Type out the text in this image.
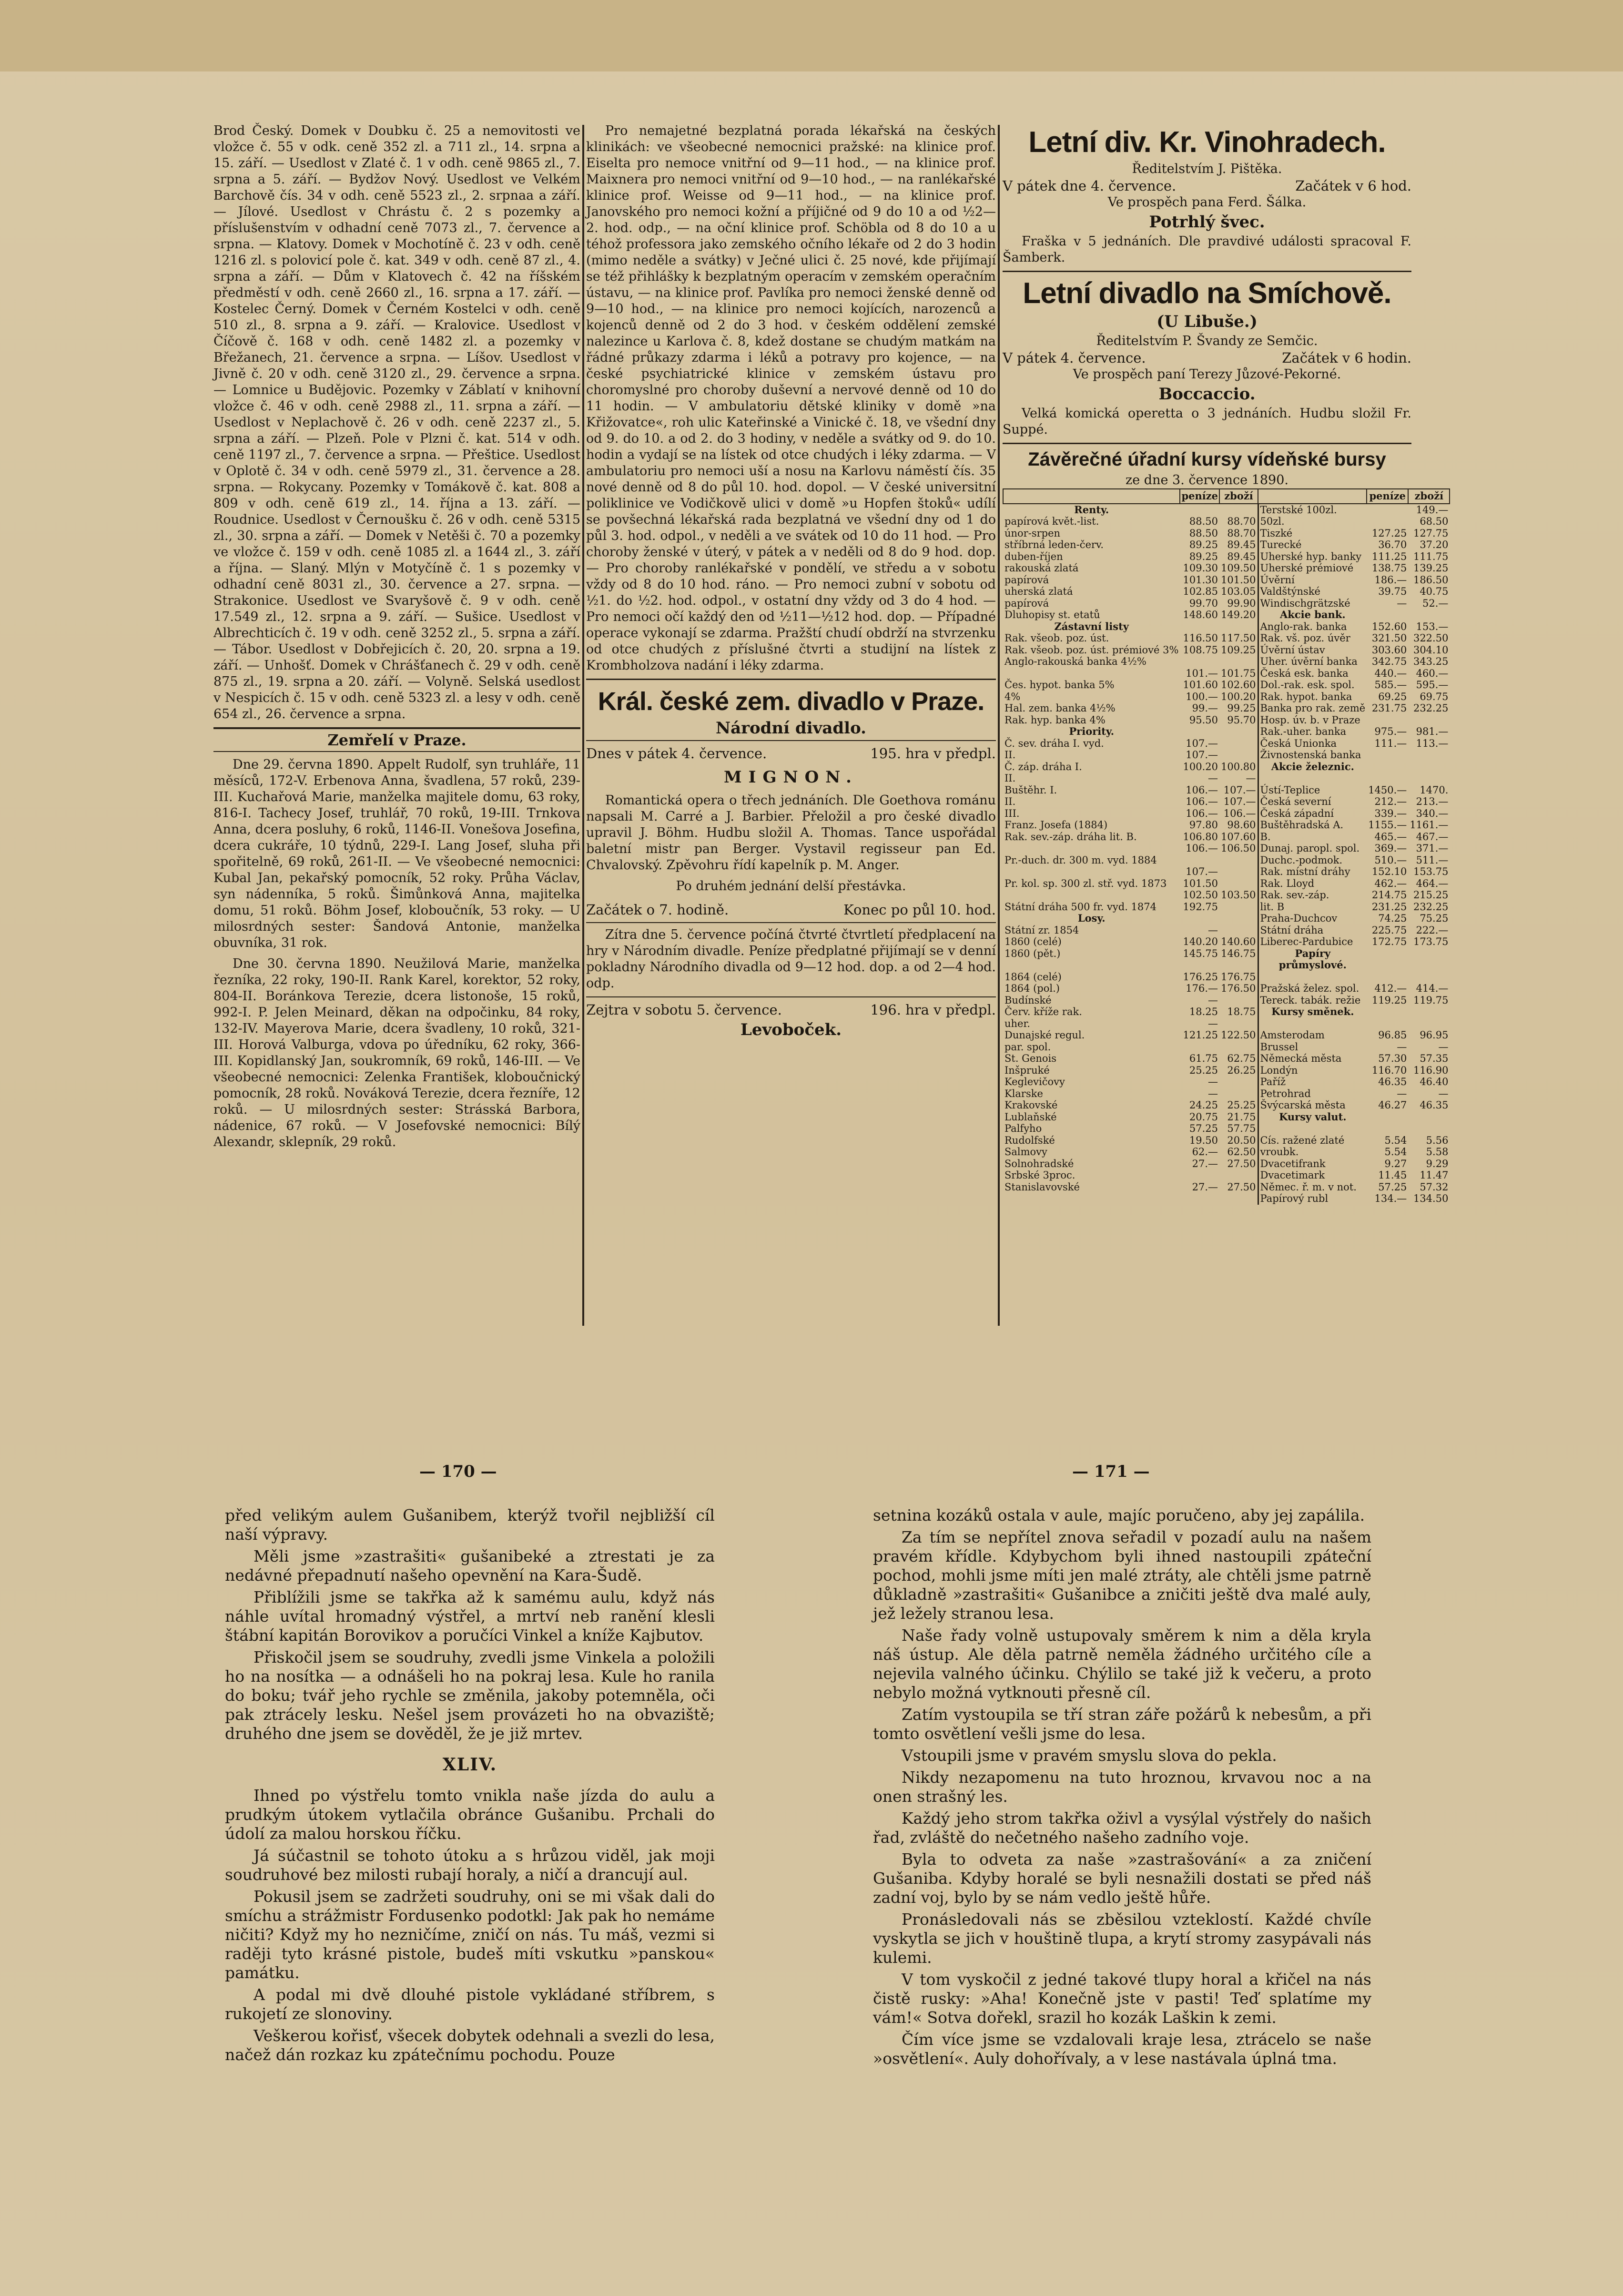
Brod Český. Domek v Doubku č. 25 a nemovitosti ve vložce č. 55 v odk. ceně 352 zl. a 711 zl., 14. srpna a 15. září. — Usedlost v Zlaté č. 1 v odh. ceně 9865 zl., 7. srpna a 5. září. — Bydžov Nový. Usedlost ve Velkém Barchově čís. 34 v odh. ceně 5523 zl., 2. srpnaa a září. — Jílové. Usedlost v Chrástu č. 2 s pozemky a příslušenstvím v odhadní ceně 7073 zl., 7. července a srpna. — Klatovy. Domek v Mochotíně č. 23 v odh. ceně 1216 zl. s polovicí pole č. kat. 349 v odh. ceně 87 zl., 4. srpna a září. — Dům v Klatovech č. 42 na říšském předměstí v odh. ceně 2660 zl., 16. srpna a 17. září. — Kostelec Černý. Domek v Černém Kostelci v odh. ceně 510 zl., 8. srpna a 9. září. — Kralovice. Usedlost v Číčově č. 168 v odh. ceně 1482 zl. a pozemky v Břežanech, 21. července a srpna. — Líšov. Usedlost v Jivně č. 20 v odh. ceně 3120 zl., 29. července a srpna. — Lomnice u Budějovic. Pozemky v Záblatí v knihovní vložce č. 46 v odh. ceně 2988 zl., 11. srpna a září. — Usedlost v Neplachově č. 26 v odh. ceně 2237 zl., 5. srpna a září. — Plzeň. Pole v Plzni č. kat. 514 v odh. ceně 1197 zl., 7. července a srpna. — Přeštice. Usedlost v Oplotě č. 34 v odh. ceně 5979 zl., 31. července a 28. srpna. — Rokycany. Pozemky v Tomákově č. kat. 808 a 809 v odh. ceně 619 zl., 14. října a 13. září. — Roudnice. Usedlost v Černoušku č. 26 v odh. ceně 5315 zl., 30. srpna a září. — Domek v Netěši č. 70 a pozemky ve vložce č. 159 v odh. ceně 1085 zl. a 1644 zl., 3. září a října. — Slaný. Mlýn v Motyčíně č. 1 s pozemky v odhadní ceně 8031 zl., 30. července a 27. srpna. — Strakonice. Usedlost ve Svaryšově č. 9 v odh. ceně 17.549 zl., 12. srpna a 9. září. — Sušice. Usedlost v Albrechticích č. 19 v odh. ceně 3252 zl., 5. srpna a září. — Tábor. Usedlost v Dobřejicích č. 20, 20. srpna a 19. září. — Unhošť. Domek v Chrášťanech č. 29 v odh. ceně 875 zl., 19. srpna a 20. září. — Volyně. Selská usedlost v Nespicích č. 15 v odh. ceně 5323 zl. a lesy v odh. ceně 654 zl., 26. července a srpna.

Zemřelí v Praze.

Dne 29. června 1890. Appelt Rudolf, syn truhláře, 11 měsíců, 172-V. Erbenova Anna, švadlena, 57 roků, 239-III. Kuchařová Marie, manželka majitele domu, 63 roky, 816-I. Tachecy Josef, truhlář, 70 roků, 19-III. Trnkova Anna, dcera posluhy, 6 roků, 1146-II. Vonešova Josefina, dcera cukráře, 10 týdnů, 229-I. Lang Josef, sluha při spořitelně, 69 roků, 261-II. — Ve všeobecné nemocnici: Kubal Jan, pekařský pomocník, 52 roky. Průha Václav, syn nádenníka, 5 roků. Šimůnková Anna, majitelka domu, 51 roků. Böhm Josef, kloboučník, 53 roky. — U milosrdných sester: Šandová Antonie, manželka obuvníka, 31 rok.

Dne 30. června 1890. Neužilová Marie, manželka řezníka, 22 roky, 190-II. Rank Karel, korektor, 52 roky, 804-II. Boránkova Terezie, dcera listonoše, 15 roků, 992-I. P. Jelen Meinard, děkan na odpočinku, 84 roky, 132-IV. Mayerova Marie, dcera švadleny, 10 roků, 321-III. Horová Valburga, vdova po úředníku, 62 roky, 366-III. Kopidlanský Jan, soukromník, 69 roků, 146-III. — Ve všeobecné nemocnici: Zelenka František, kloboučnický pomocník, 28 roků. Nováková Terezie, dcera řezníře, 12 roků. — U milosrdných sester: Strásská Barbora, nádenice, 67 roků. — V Josefovské nemocnici: Bílý Alexandr, sklepník, 29 roků.

Pro nemajetné bezplatná porada lékařská na českých klinikách: ve všeobecné nemocnici pražské: na klinice prof. Eiselta pro nemoce vnitřní od 9—11 hod., — na klinice prof. Maixnera pro nemoci vnitřní od 9—10 hod., — na ranlékařské klinice prof. Weisse od 9—11 hod., — na klinice prof. Janovského pro nemoci kožní a příjičné od 9 do 10 a od ½2—2. hod. odp., — na oční klinice prof. Schöbla od 8 do 10 a u téhož professora jako zemského očního lékaře od 2 do 3 hodin (mimo neděle a svátky) v Ječné ulici č. 25 nové, kde přijímají se též přihlášky k bezplatným operacím v zemském operačním ústavu, — na klinice prof. Pavlíka pro nemoci ženské denně od 9—10 hod., — na klinice pro nemoci kojících, narozenců a kojenců denně od 2 do 3 hod. v českém oddělení zemské nalezince u Karlova č. 8, kdež dostane se chudým matkám na řádné průkazy zdarma i léků a potravy pro kojence, — na české psychiatrické klinice v zemském ústavu pro choromyslné pro choroby duševní a nervové denně od 10 do 11 hodin. — V ambulatoriu dětské kliniky v domě »na Křižovatce«, roh ulic Kateřinské a Vinické č. 18, ve všední dny od 9. do 10. a od 2. do 3 hodiny, v neděle a svátky od 9. do 10. hodin a vydají se na lístek od otce chudých i léky zdarma. — V ambulatoriu pro nemoci uší a nosu na Karlovu náměstí čís. 35 nové denně od 8 do půl 10. hod. dopol. — V české universitní poliklinice ve Vodičkově ulici v domě »u Hopfen štoků« udílí se povšechná lékařská rada bezplatná ve všední dny od 1 do půl 3. hod. odpol., v neděli a ve svátek od 10 do 11 hod. — Pro choroby ženské v úterý, v pátek a v neděli od 8 do 9 hod. dop. — Pro choroby ranlékařské v pondělí, ve středu a v sobotu vždy od 8 do 10 hod. ráno. — Pro nemoci zubní v sobotu od ½1. do ½2. hod. odpol., v ostatní dny vždy od 3 do 4 hod. — Pro nemoci očí každý den od ½11—½12 hod. dop. — Případné operace vykonají se zdarma. Pražští chudí obdrží na stvrzenku od otce chudých z příslušné čtvrti a studijní na lístek z Krombholzova nadání i léky zdarma.

Král. české zem. divadlo v Praze.

Národní divadlo.

Dnes v pátek 4. července.	195. hra v předpl.
MIGNON.

Romantická opera o třech jednáních. Dle Goethova románu napsali M. Carré a J. Barbier. Přeložil a pro české divadlo upravil J. Böhm. Hudbu složil A. Thomas. Tance uspořádal baletní mistr pan Berger. Vystavil regisseur pan Ed. Chvalovský. Zpěvohru řídí kapelník p. M. Anger.

Po druhém jednání delší přestávka.

Začátek o 7. hodině.	Konec po půl 10. hod.

Zítra dne 5. července počíná čtvrté čtvrtletí předplacení na hry v Národním divadle. Peníze předplatné přijímají se v denní pokladny Národního divadla od 9—12 hod. dop. a od 2—4 hod. odp.

Zejtra v sobotu 5. července.	196. hra v předpl.
Levoboček.
Letní div. Kr. Vinohradech.

Ředitelstvím J. Pištěka.

V pátek dne 4. července.	Začátek v 6 hod.

Ve prospěch pana Ferd. Šálka.

Potrhlý švec.

Fraška v 5 jednáních. Dle pravdivé události spracoval F. Šamberk.

Letní divadlo na Smíchově.
(U Libuše.)

Ředitelstvím P. Švandy ze Semčic.

V pátek 4. července.	Začátek v 6 hodin.

Ve prospěch paní Terezy Jůzové-Pekorné.

Boccaccio.

Velká komická operetta o 3 jednáních. Hudbu složil Fr. Suppé.

Závěrečné úřadní kursy vídeňské bursy

ze dne 3. července 1890.

	peníze	zboží		peníze	zboží
Renty.			Terstské 100zl.		149.—
papírová květ.-list.	88.50	88.70	50zl.		68.50
únor-srpen	88.50	88.70	Tiszké	127.25	127.75
stříbrná leden-červ.	89.25	89.45	Turecké	36.70	37.20
duben-říjen	89.25	89.45	Uherské hyp. banky	111.25	111.75
rakouská zlatá	109.30	109.50	Uherské prémiové	138.75	139.25
papírová	101.30	101.50	Úvěrní	186.—	186.50
uherská zlatá	102.85	103.05	Valdštýnské	39.75	40.75
papírová	99.70	99.90	Windischgrätzské	—	52.—
Dluhopisy st. etatů	148.60	149.20	Akcie bank.		
Zástavní listy			Anglo-rak. banka	152.60	153.—
Rak. všeob. poz. úst.	116.50	117.50	Rak. vš. poz. úvěr	321.50	322.50
Rak. všeob. poz. úst. prémiové 3%	108.75	109.25	Úvěrní ústav	303.60	304.10
Anglo-rakouská banka 4½%			Uher. úvěrní banka	342.75	343.25
	101.—	101.75	Česká esk. banka	440.—	460.—
Čes. hypot. banka 5%	101.60	102.60	Dol.-rak. esk. spol.	585.—	595.—
4%	100.—	100.20	Rak. hypot. banka	69.25	69.75
Hal. zem. banka 4½%	99.—	99.25	Banka pro rak. země	231.75	232.25
Rak. hyp. banka 4%	95.50	95.70	Hosp. úv. b. v Praze		
Priority.			Rak.-uher. banka	975.—	981.—
Č. sev. dráha I. vyd.	107.—		Česká Unionka	111.—	113.—
II.	107.—		Živnostenská banka		
Č. záp. dráha I.	100.20	100.80	Akcie železnic.		
II.	—	—			
Buštěhr. I.	106.—	107.—	Ústí-Teplice	1450.—	1470.
II.	106.—	107.—	Česká severní	212.—	213.—
III.	106.—	106.—	Česká západní	339.—	340.—
Franz. Josefa (1884)	97.80	98.60	Buštěhradská A.	1155.—	1161.—
Rak. sev.-záp. dráha lit. B.	106.80	107.60	B.	465.—	467.—
	106.—	106.50	Dunaj. paropl. spol.	369.—	371.—
Pr.-duch. dr. 300 m. vyd. 1884			Duchc.-podmok.	510.—	511.—
	107.—		Rak. místní dráhy	152.10	153.75
Pr. kol. sp. 300 zl. stř. vyd. 1873	101.50		Rak. Lloyd	462.—	464.—
	102.50	103.50	Rak. sev.-záp.	214.75	215.25
Státní dráha 500 fr. vyd. 1874	192.75		lit. B	231.25	232.25
Losy.			Praha-Duchcov	74.25	75.25
Státní zr. 1854	—		Státní dráha	225.75	222.—
1860 (celé)	140.20	140.60	Liberec-Pardubice	172.75	173.75
1860 (pět.)	145.75	146.75	Papíry průmyslové.		
1864 (celé)	176.25	176.75			
1864 (pol.)	176.—	176.50	Pražská želez. spol.	412.—	414.—
Budínské	—		Tereck. tabák. režie	119.25	119.75
Červ. kříže rak.	18.25	18.75	Kursy směnek.		
uher.	—				
Dunajské regul.	121.25	122.50	Amsterodam	96.85	96.95
par. spol.			Brussel	—	—
St. Genois	61.75	62.75	Německá města	57.30	57.35
Inšpruké	25.25	26.25	Londýn	116.70	116.90
Keglevičovy	—		Paříž	46.35	46.40
Klarske	—		Petrohrad	—	—
Krakovské	24.25	25.25	Švýcarská města	46.27	46.35
Lublaňské	20.75	21.75	Kursy valut.		
Palfyho	57.25	57.75			
Rudolfské	19.50	20.50	Cís. ražené zlaté	5.54	5.56
Salmovy	62.—	62.50	vroubk.	5.54	5.58
Solnohradské	27.—	27.50	Dvacetifrank	9.27	9.29
Srbské 3proc.			Dvacetimark	11.45	11.47
Stanislavovské	27.—	27.50	Němec. ř. m. v not.	57.25	57.32
			Papírový rubl	134.—	134.50
— 170 —	— 171 —

před velikým aulem Gušanibem, kterýž tvořil nejbližší cíl naší výpravy.

Měli jsme »zastrašiti« gušanibeké a ztrestati je za nedávné přepadnutí našeho opevnění na Kara-Šudě.

Přiblížili jsme se takřka až k samému aulu, když nás náhle uvítal hromadný výstřel, a mrtví neb ranění klesli štábní kapitán Borovikov a poručíci Vinkel a kníže Kajbutov.

Přiskočil jsem se soudruhy, zvedli jsme Vinkela a položili ho na nosítka — a odnášeli ho na pokraj lesa. Kule ho ranila do boku; tvář jeho rychle se změnila, jakoby potemněla, oči pak ztrácely lesku. Nešel jsem provázeti ho na obvaziště; druhého dne jsem se dověděl, že je již mrtev.

XLIV.

Ihned po výstřelu tomto vnikla naše jízda do aulu a prudkým útokem vytlačila obránce Gušanibu. Prchali do údolí za malou horskou říčku.

Já súčastnil se tohoto útoku a s hrůzou viděl, jak moji soudruhové bez milosti rubají horaly, a ničí a drancují aul.

Pokusil jsem se zadržeti soudruhy, oni se mi však dali do smíchu a strážmistr Fordusenko podotkl: Jak pak ho nemáme ničiti? Když my ho nezničíme, zničí on nás. Tu máš, vezmi si raději tyto krásné pistole, budeš míti vskutku »panskou« památku.

A podal mi dvě dlouhé pistole vykládané stříbrem, s rukojetí ze slonoviny.

Veškerou kořisť, všecek dobytek odehnali a svezli do lesa, načež dán rozkaz ku zpátečnímu pochodu. Pouze

setnina kozáků ostala v aule, majíc poručeno, aby jej zapálila.

Za tím se nepřítel znova seřadil v pozadí aulu na našem pravém křídle. Kdybychom byli ihned nastoupili zpáteční pochod, mohli jsme míti jen malé ztráty, ale chtěli jsme patrně důkladně »zastrašiti« Gušanibce a zničiti ještě dva malé auly, jež ležely stranou lesa.

Naše řady volně ustupovaly směrem k nim a děla kryla náš ústup. Ale děla patrně neměla žádného určitého cíle a nejevila valného účinku. Chýlilo se také již k večeru, a proto nebylo možná vytknouti přesně cíl.

Zatím vystoupila se tří stran záře požárů k nebesům, a při tomto osvětlení vešli jsme do lesa.

Vstoupili jsme v pravém smyslu slova do pekla.

Nikdy nezapomenu na tuto hroznou, krvavou noc a na onen strašný les.

Každý jeho strom takřka oživl a vysýlal výstřely do našich řad, zvláště do nečetného našeho zadního voje.

Byla to odveta za naše »zastrašování« a za zničení Gušaniba. Kdyby horalé se byli nesnažili dostati se před náš zadní voj, bylo by se nám vedlo ještě hůře.

Pronásledovali nás se zběsilou vzteklostí. Každé chvíle vyskytla se jich v houštině tlupa, a krytí stromy zasypávali nás kulemi.

V tom vyskočil z jedné takové tlupy horal a křičel na nás čistě rusky: »Aha! Konečně jste v pasti! Teď splatíme my vám!« Sotva dořekl, srazil ho kozák Laškin k zemi.

Čím více jsme se vzdalovali kraje lesa, ztrácelo se naše »osvětlení«. Auly dohořívaly, a v lese nastávala úplná tma.
